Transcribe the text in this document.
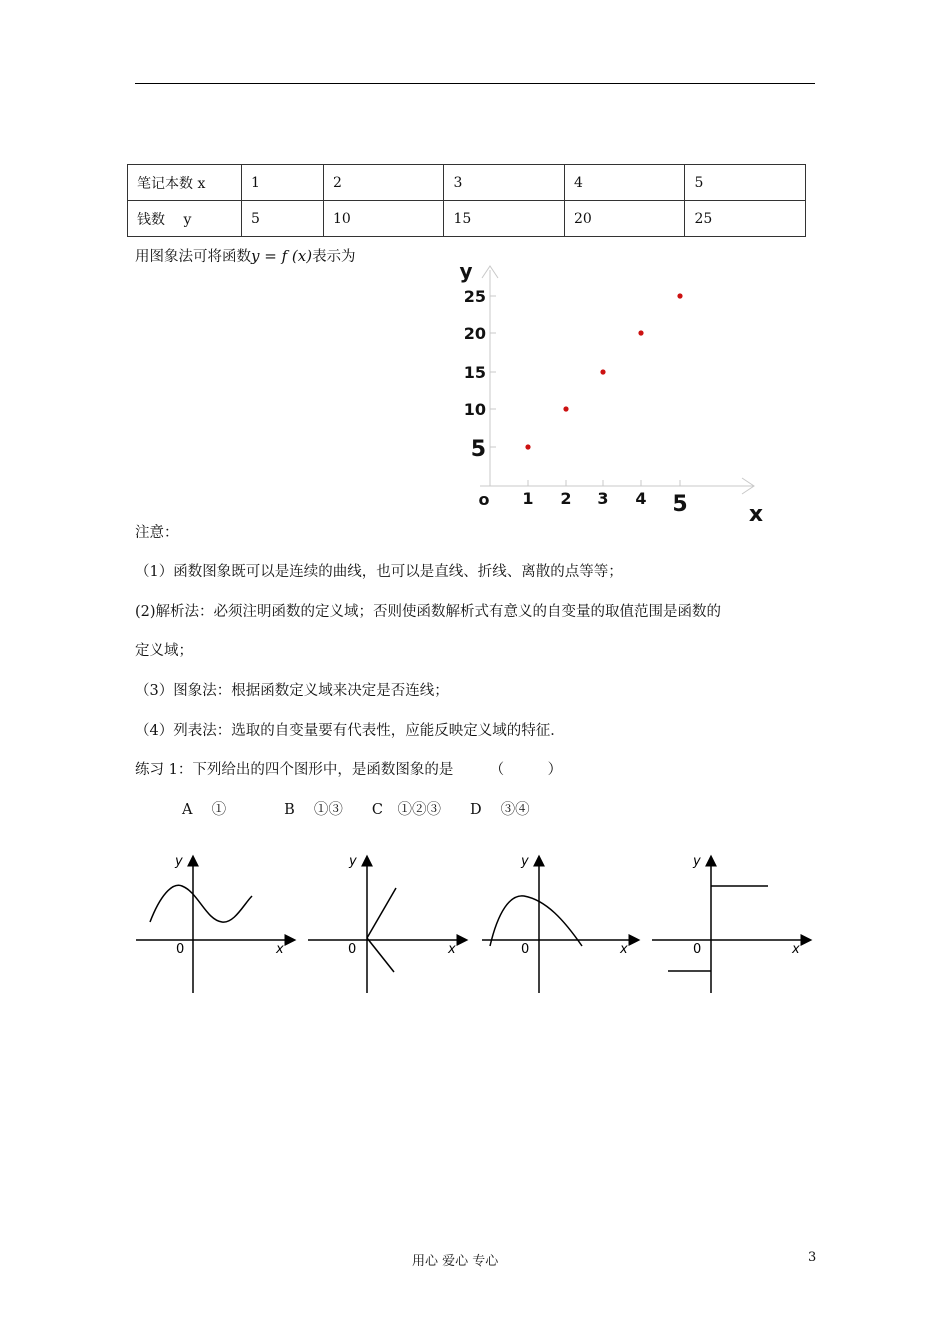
笔记本数 x	1	2	3	4	5
钱数　 y	5	10	15	20	25
用图象法可将函数y = f (x)表示为
1 2 3 4 5
5
10
15
20
25
o
y
x
注意：
（1）函数图象既可以是连续的曲线，也可以是直线、折线、离散的点等等；
(2)解析法：必须注明函数的定义域；否则使函数解析式有意义的自变量的取值范围是函数的
定义域；
（3）图象法：根据函数定义域来决定是否连线；
（4）列表法：选取的自变量要有代表性，应能反映定义域的特征．
练习 1：下列给出的四个图形中，是函数图象的是　　　（　　　）
A　 ①　　　　B　 ①③　　C　①②③　　D　 ③④
y
0	x
y
0	x
y
0	x
y
0	x
用心 爱心 专心	3
